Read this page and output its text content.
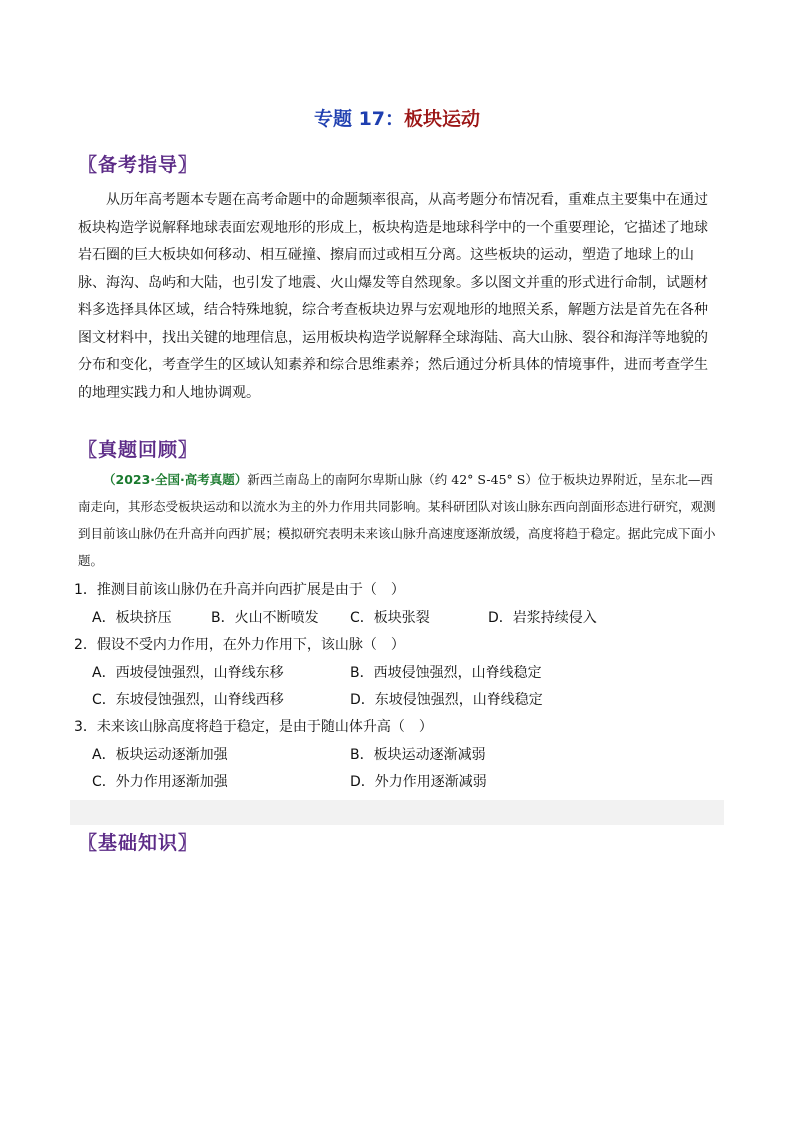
专题 17：板块运动
〖备考指导〗
从历年高考题本专题在高考命题中的命题频率很高，从高考题分布情况看，重难点主要集中在通过板块构造学说解释地球表面宏观地形的形成上，板块构造是地球科学中的一个重要理论，它描述了地球岩石圈的巨大板块如何移动、相互碰撞、擦肩而过或相互分离。这些板块的运动，塑造了地球上的山脉、海沟、岛屿和大陆，也引发了地震、火山爆发等自然现象。多以图文并重的形式进行命制，试题材料多选择具体区域，结合特殊地貌，综合考查板块边界与宏观地形的地照关系，解题方法是首先在各种图文材料中，找出关键的地理信息，运用板块构造学说解释全球海陆、高大山脉、裂谷和海洋等地貌的分布和变化，考查学生的区域认知素养和综合思维素养；然后通过分析具体的情境事件，进而考查学生的地理实践力和人地协调观。
〖真题回顾〗
（2023·全国·高考真题）新西兰南岛上的南阿尔卑斯山脉（约 42° S-45° S）位于板块边界附近，呈东北—西南走向，其形态受板块运动和以流水为主的外力作用共同影响。某科研团队对该山脉东西向剖面形态进行研究，观测到目前该山脉仍在升高并向西扩展；模拟研究表明未来该山脉升高速度逐渐放缓，高度将趋于稳定。据此完成下面小题。
1．推测目前该山脉仍在升高并向西扩展是由于（　）
A．板块挤压	B．火山不断喷发 C．板块张裂	D．岩浆持续侵入
2．假设不受内力作用，在外力作用下，该山脉（　）
A．西坡侵蚀强烈，山脊线东移	B．西坡侵蚀强烈，山脊线稳定
C．东坡侵蚀强烈，山脊线西移	D．东坡侵蚀强烈，山脊线稳定
3．未来该山脉高度将趋于稳定，是由于随山体升高（　）
A．板块运动逐渐加强	B．板块运动逐渐减弱
C．外力作用逐渐加强	D．外力作用逐渐减弱
〖基础知识〗
